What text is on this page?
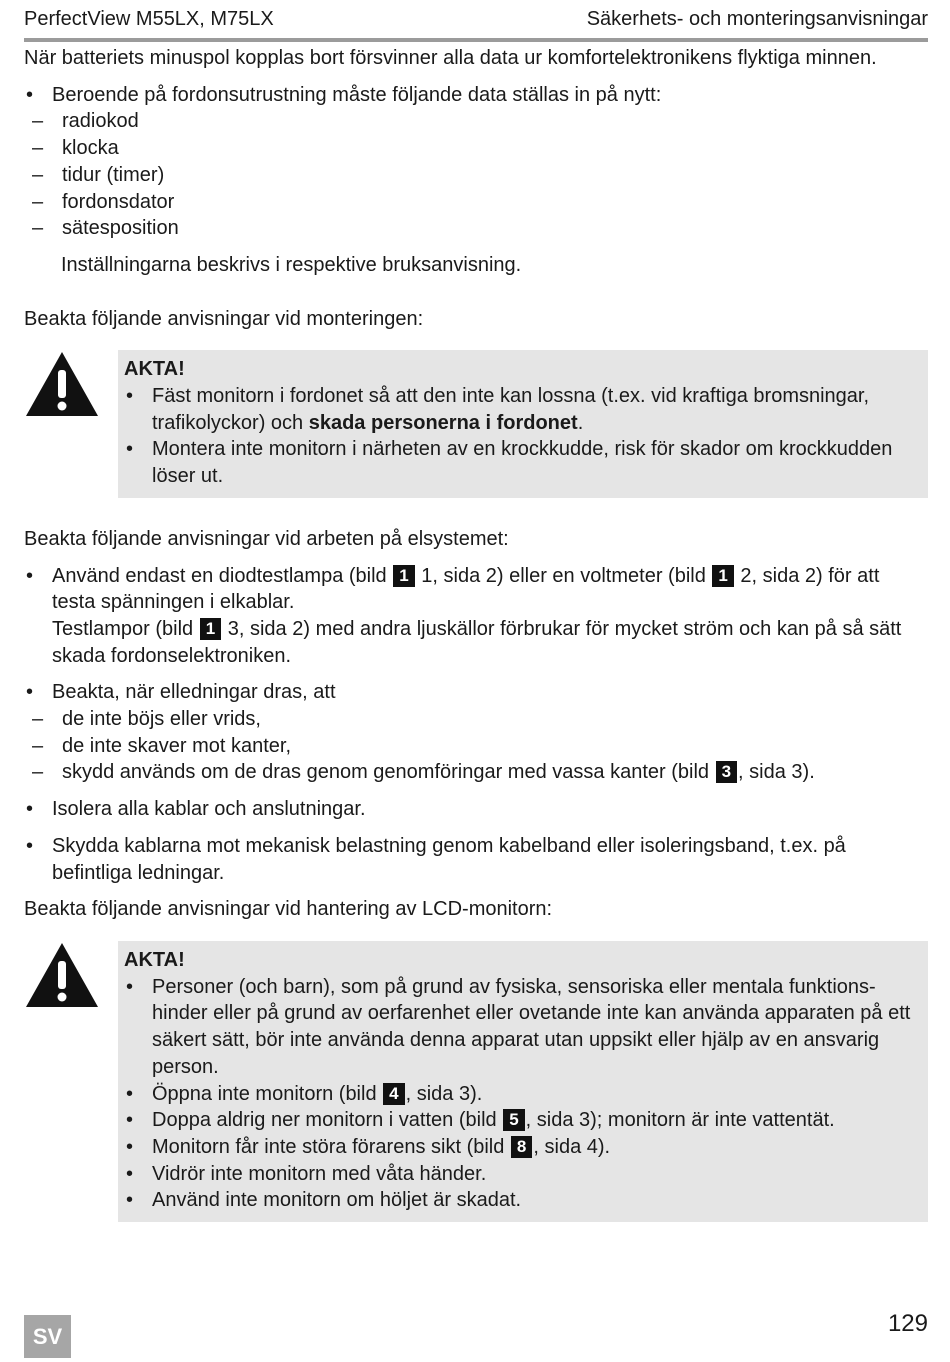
PerfectView M55LX, M75LX	Säkerhets- och monteringsanvisningar

När batteriets minuspol kopplas bort försvinner alla data ur komfortelektronikens flyktiga minnen.

• Beroende på fordonsutrustning måste följande data ställas in på nytt:
– radiokod
– klocka
– tidur (timer)
– fordonsdator
– sätesposition

Inställningarna beskrivs i respektive bruksanvisning.

Beakta följande anvisningar vid monteringen:

AKTA!
• Fäst monitorn i fordonet så att den inte kan lossna (t.ex. vid kraftiga bromsningar, trafikolyckor) och skada personerna i fordonet.
• Montera inte monitorn i närheten av en krockkudde, risk för skador om krockkudden löser ut.

Beakta följande anvisningar vid arbeten på elsystemet:

• Använd endast en diodtestlampa (bild 1 1, sida 2) eller en voltmeter (bild 1 2, sida 2) för att testa spänningen i elkablar.
Testlampor (bild 1 3, sida 2) med andra ljuskällor förbrukar för mycket ström och kan på så sätt skada fordonselektroniken.
• Beakta, när elledningar dras, att
– de inte böjs eller vrids,
– de inte skaver mot kanter,
– skydd används om de dras genom genomföringar med vassa kanter (bild 3 , sida 3).
• Isolera alla kablar och anslutningar.
• Skydda kablarna mot mekanisk belastning genom kabelband eller isoleringsband, t.ex. på befintliga ledningar.

Beakta följande anvisningar vid hantering av LCD-monitorn:

AKTA!
• Personer (och barn), som på grund av fysiska, sensoriska eller mentala funktions- hinder eller på grund av oerfarenhet eller ovetande inte kan använda apparaten på ett säkert sätt, bör inte använda denna apparat utan uppsikt eller hjälp av en ansvarig person.
• Öppna inte monitorn (bild 4 , sida 3).
• Doppa aldrig ner monitorn i vatten (bild 5 , sida 3); monitorn är inte vattentät.
• Monitorn får inte störa förarens sikt (bild 8 , sida 4).
• Vidrör inte monitorn med våta händer.
• Använd inte monitorn om höljet är skadat.
SV	129
